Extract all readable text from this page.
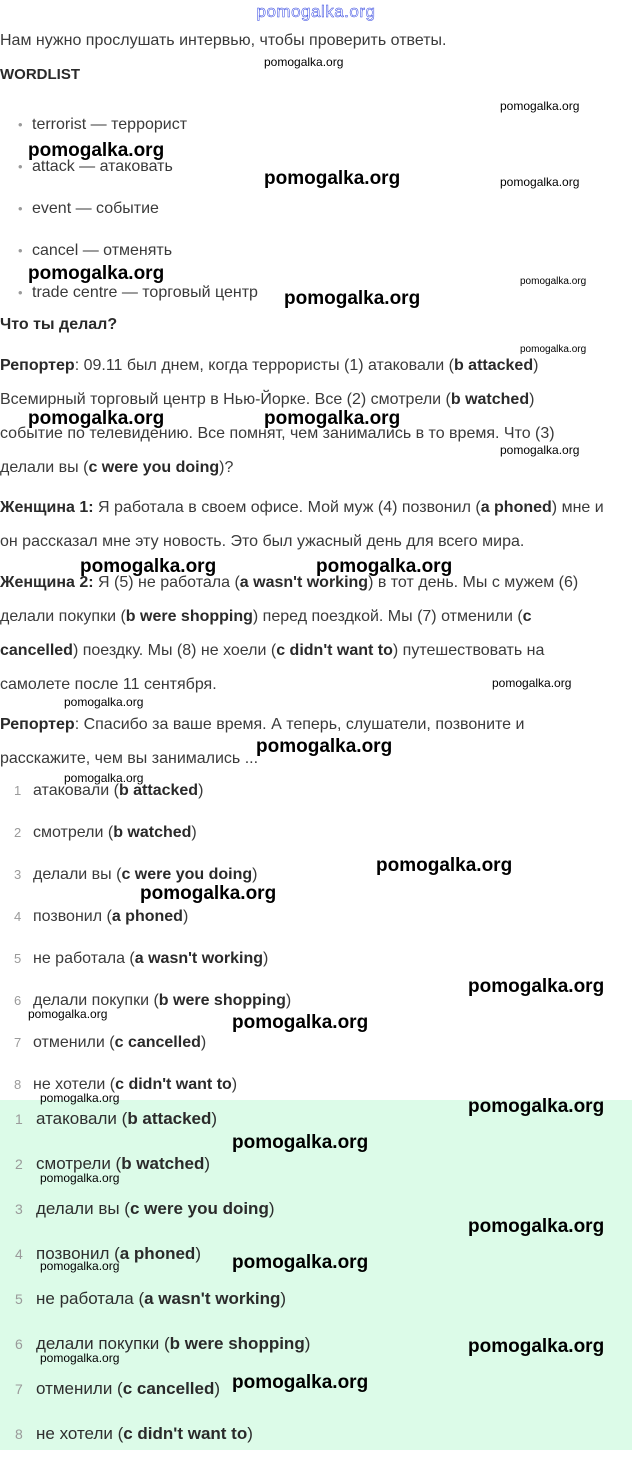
pomogalka.org
Нам нужно прослушать интервью, чтобы проверить ответы.
WORDLIST
• terrorist — террорист
• attack — атаковать
• event — событие
• cancel — отменять
• trade centre — торговый центр
Что ты делал?
Репортер: 09.11 был днем, когда террористы (1) атаковали (b attacked)
Всемирный торговый центр в Нью-Йорке. Все (2) смотрели (b watched)
событие по телевидению. Все помнят, чем занимались в то время. Что (3)
делали вы (c were you doing)?
Женщина 1: Я работала в своем офисе. Мой муж (4) позвонил (a phoned) мне и
он рассказал мне эту новость. Это был ужасный день для всего мира.
Женщина 2: Я (5) не работала (a wasn't working) в тот день. Мы с мужем (6)
делали покупки (b were shopping) перед поездкой. Мы (7) отменили (c
cancelled) поездку. Мы (8) не хоели (c didn't want to) путешествовать на
самолете после 11 сентября.
Репортер: Спасибо за ваше время. А теперь, слушатели, позвоните и
расскажите, чем вы занимались ...
1 атаковали (b attacked)
2 смотрели (b watched)
3 делали вы (c were you doing)
4 позвонил (a phoned)
5 не работала (a wasn't working)
6 делали покупки (b were shopping)
7 отменили (c cancelled)
8 не хотели (c didn't want to)
1 атаковали (b attacked)
2 смотрели (b watched)
3 делали вы (c were you doing)
4 позвонил (a phoned)
5 не работала (a wasn't working)
6 делали покупки (b were shopping)
7 отменили (c cancelled)
8 не хотели (c didn't want to)
pomogalka.org
pomogalka.org
pomogalka.org
pomogalka.org	pomogalka.org
pomogalka.org	pomogalka.org
pomogalka.org
pomogalka.org
pomogalka.org	pomogalka.org
pomogalka.org
pomogalka.org	pomogalka.org
pomogalka.org
pomogalka.org
pomogalka.org
pomogalka.org
pomogalka.org
pomogalka.org
pomogalka.org
pomogalka.org	pomogalka.org
pomogalka.org	pomogalka.org
pomogalka.org
pomogalka.org
pomogalka.org
pomogalka.org
pomogalka.org
pomogalka.org
pomogalka.org
pomogalka.org
